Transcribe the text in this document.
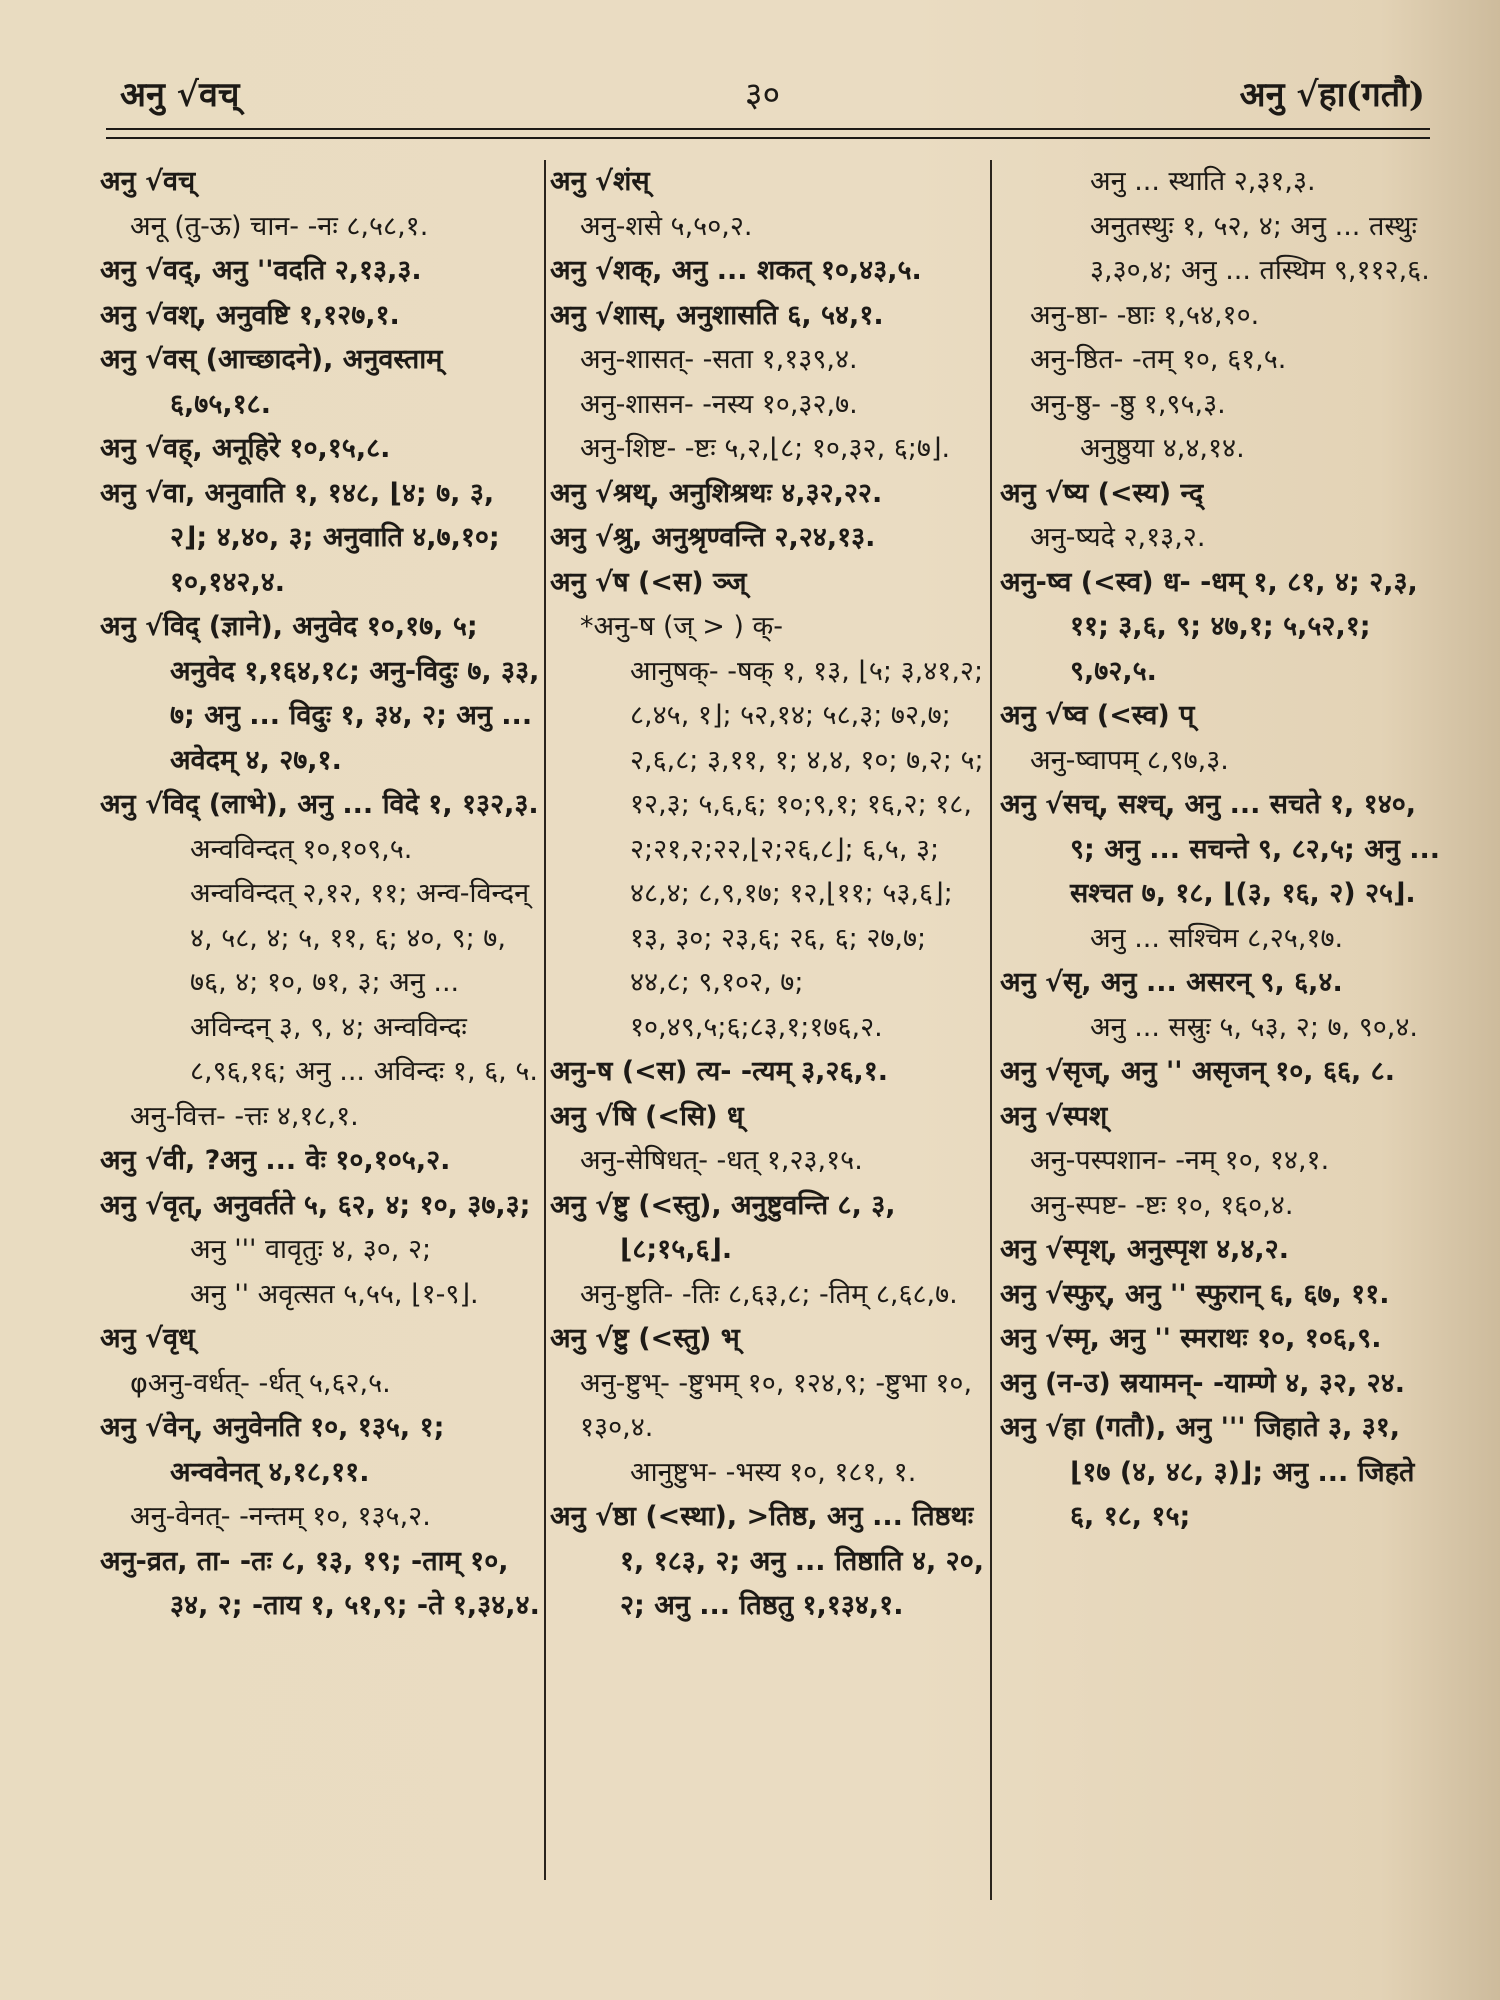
अनु √वच्	३०	अनु √हा(गतौ)

अनु √वच्

अनू (तु-ऊ) चान- -नः ८,५८,१.

अनु √वद्, अनु ''वदति २,१३,३.

अनु √वश्, अनुवष्टि १,१२७,१.

अनु √वस् (आच्छादने), अनुवस्ताम् ६,७५,१८.

अनु √वह्, अनूहिरे १०,१५,८.

अनु √वा, अनुवाति १, १४८, ⌊४; ७, ३, २⌋; ४,४०, ३; अनुवाति ४,७,१०; १०,१४२,४.

अनु √विद् (ज्ञाने), अनुवेद १०,१७, ५; अनुवेद १,१६४,१८; अनु-विदुः ७, ३३, ७; अनु ... विदुः १, ३४, २; अनु ... अवेदम् ४, २७,१.

अनु √विद् (लाभे), अनु ... विदे १, १३२,३.

अन्वविन्दत् १०,१०९,५.

अन्वविन्दत् २,१२, ११; अन्व-विन्दन् ४, ५८, ४; ५, ११, ६; ४०, ९; ७, ७६, ४; १०, ७१, ३; अनु ... अविन्दन् ३, ९, ४; अन्वविन्दः ८,९६,१६; अनु ... अविन्दः १, ६, ५.

अनु-वित्त- -त्तः ४,१८,१.

अनु √वी, ?अनु ... वेः १०,१०५,२.

अनु √वृत्, अनुवर्तते ५, ६२, ४; १०, ३७,३;

अनु ''' वावृतुः ४, ३०, २;

अनु '' अवृत्सत ५,५५, ⌊१-९⌋.

अनु √वृध्

φअनु-वर्धत्- -र्धत् ५,६२,५.

अनु √वेन्, अनुवेनति १०, १३५, १; अन्ववेनत् ४,१८,११.

अनु-वेनत्- -नन्तम् १०, १३५,२.

अनु-व्रत, ता- -तः ८, १३, १९; -ताम् १०, ३४, २; -ताय १, ५१,९; -ते १,३४,४.

अनु √शंस्

अनु-शसे ५,५०,२.

अनु √शक्, अनु ... शकत् १०,४३,५.

अनु √शास्, अनुशासति ६, ५४,१.

अनु-शासत्- -सता १,१३९,४.

अनु-शासन- -नस्य १०,३२,७.

अनु-शिष्ट- -ष्टः ५,२,⌊८; १०,३२, ६;७⌋.

अनु √श्रथ्, अनुशिश्रथः ४,३२,२२.

अनु √श्रु, अनुश्रृण्वन्ति २,२४,१३.

अनु √ष (<स) ञ्ज्

*अनु-ष (ज् > ) क्-

आनुषक्- -षक् १, १३, ⌊५; ३,४१,२; ८,४५, १⌋; ५२,१४; ५८,३; ७२,७; २,६,८; ३,११, १; ४,४, १०; ७,२; ५; १२,३; ५,६,६; १०;९,१; १६,२; १८, २;२१,२;२२,⌊२;२६,८⌋; ६,५, ३; ४८,४; ८,९,१७; १२,⌊११; ५३,६⌋; १३, ३०; २३,६; २६, ६; २७,७; ४४,८; ९,१०२, ७; १०,४९,५;६;८३,१;१७६,२.

अनु-ष (<स) त्य- -त्यम् ३,२६,१.

अनु √षि (<सि) ध्

अनु-सेषिधत्- -धत् १,२३,१५.

अनु √ष्टु (<स्तु), अनुष्टुवन्ति ८, ३,⌊८;१५,६⌋.

अनु-ष्टुति- -तिः ८,६३,८; -तिम् ८,६८,७.

अनु √ष्टु (<स्तु) भ्

अनु-ष्टुभ्- -ष्टुभम् १०, १२४,९; -ष्टुभा १०, १३०,४.

आनुष्टुभ- -भस्य १०, १८१, १.

अनु √ष्ठा (<स्था), >तिष्ठ, अनु ... तिष्ठथः १, १८३, २; अनु ... तिष्ठाति ४, २०, २; अनु ... तिष्ठतु १,१३४,१.

अनु ... स्थाति २,३१,३.

अनुतस्थुः १, ५२, ४; अनु ... तस्थुः ३,३०,४; अनु ... तस्थिम ९,११२,६.

अनु-ष्ठा- -ष्ठाः १,५४,१०.

अनु-ष्ठित- -तम् १०, ६१,५.

अनु-ष्ठु- -ष्ठु १,९५,३.

अनुष्ठुया ४,४,१४.

अनु √ष्य (<स्य) न्द्

अनु-ष्यदे २,१३,२.

अनु-ष्व (<स्व) ध- -धम् १, ८१, ४; २,३, ११; ३,६, ९; ४७,१; ५,५२,१; ९,७२,५.

अनु √ष्व (<स्व) प्

अनु-ष्वापम् ८,९७,३.

अनु √सच्, सश्च्, अनु ... सचते १, १४०, ९; अनु ... सचन्ते ९, ८२,५; अनु ... सश्चत ७, १८, ⌊(३, १६, २) २५⌋.

अनु ... सश्चिम ८,२५,१७.

अनु √सृ, अनु ... असरन् ९, ६,४.

अनु ... सस्रुः ५, ५३, २; ७, ९०,४.

अनु √सृज्, अनु '' असृजन् १०, ६६, ८.

अनु √स्पश्

अनु-पस्पशान- -नम् १०, १४,१.

अनु-स्पष्ट- -ष्टः १०, १६०,४.

अनु √स्पृश्, अनुस्पृश ४,४,२.

अनु √स्फुर्, अनु '' स्फुरान् ६, ६७, ११.

अनु √स्मृ, अनु '' स्मराथः १०, १०६,९.

अनु (न-उ) स्रयामन्- -याम्णे ४, ३२, २४.

अनु √हा (गतौ), अनु ''' जिहाते ३, ३१, ⌊१७ (४, ४८, ३)⌋; अनु ... जिहते ६, १८, १५;
